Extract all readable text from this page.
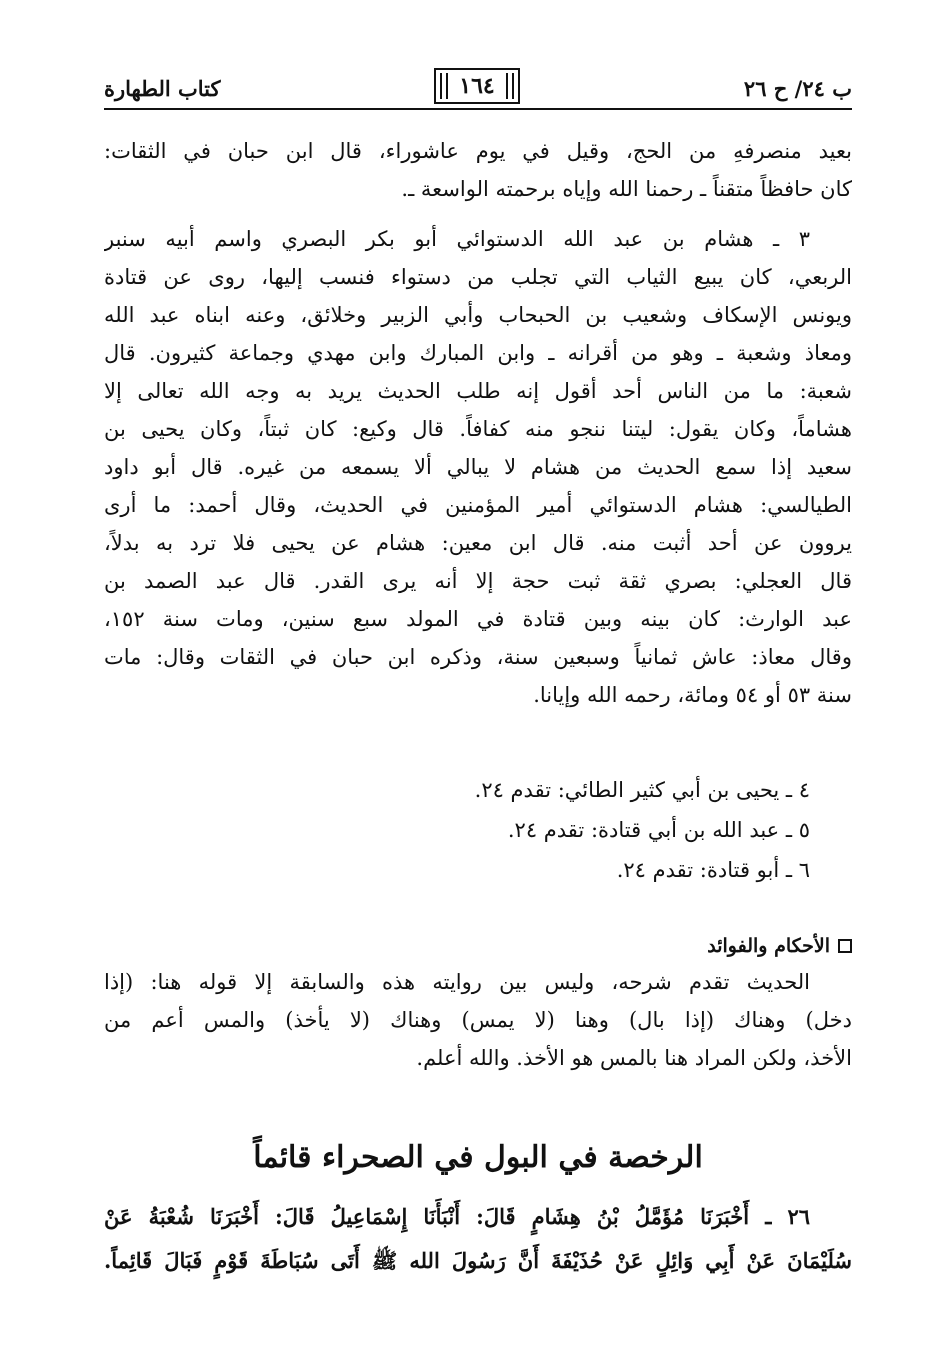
ب ٢٤/ ح ٢٦
١٦٤
كتاب الطهارة
بعيد منصرفهِ من الحج، وقيل في يوم عاشوراء، قال ابن حبان في الثقات:
كان حافظاً متقناً ـ رحمنا الله وإياه برحمته الواسعة ـ.
٣ ـ هشام بن عبد الله الدستوائي أبو بكر البصري واسم أبيه سنبر
الربعي، كان يبيع الثياب التي تجلب من دستواء فنسب إليها، روى عن قتادة
ويونس الإسكاف وشعيب بن الحبحاب وأبي الزبير وخلائق، وعنه ابناه عبد الله
ومعاذ وشعبة ـ وهو من أقرانه ـ وابن المبارك وابن مهدي وجماعة كثيرون. قال
شعبة: ما من الناس أحد أقول إنه طلب الحديث يريد به وجه الله تعالى إلا
هشاماً، وكان يقول: ليتنا ننجو منه كفافاً. قال وكيع: كان ثبتاً، وكان يحيى بن
سعيد إذا سمع الحديث من هشام لا يبالي ألا يسمعه من غيره. قال أبو داود
الطيالسي: هشام الدستوائي أمير المؤمنين في الحديث، وقال أحمد: ما أرى
يروون عن أحد أثبت منه. قال ابن معين: هشام عن يحيى فلا ترد به بدلاً،
قال العجلي: بصري ثقة ثبت حجة إلا أنه يرى القدر. قال عبد الصمد بن
عبد الوارث: كان بينه وبين قتادة في المولد سبع سنين، ومات سنة ١٥٢،
وقال معاذ: عاش ثمانياً وسبعين سنة، وذكره ابن حبان في الثقات وقال: مات
سنة ٥٣ أو ٥٤ ومائة، رحمه الله وإيانا.
٤ ـ يحيى بن أبي كثير الطائي: تقدم ٢٤.
٥ ـ عبد الله بن أبي قتادة: تقدم ٢٤.
٦ ـ أبو قتادة: تقدم ٢٤.
الأحكام والفوائد
الحديث تقدم شرحه، وليس بين روايته هذه والسابقة إلا قوله هنا: (إذا
دخل) وهناك (إذا بال) وهنا (لا يمس) وهناك (لا يأخذ) والمس أعم من
الأخذ، ولكن المراد هنا بالمس هو الأخذ. والله أعلم.
الرخصة في البول في الصحراء قائماً
٢٦ ـ أَخْبَرَنَا مُؤَمَّلُ بْنُ هِشَامٍ قَالَ: أَنْبَأَنَا إِسْمَاعِيلُ قَالَ: أَخْبَرَنَا شُعْبَةُ عَنْ
سُلَيْمَانَ عَنْ أَبِي وَائِلٍ عَنْ حُذَيْفَةَ أَنَّ رَسُولَ الله ﷺ أَتَى سُبَاطَةَ قَوْمٍ فَبَالَ قَائِماً.
